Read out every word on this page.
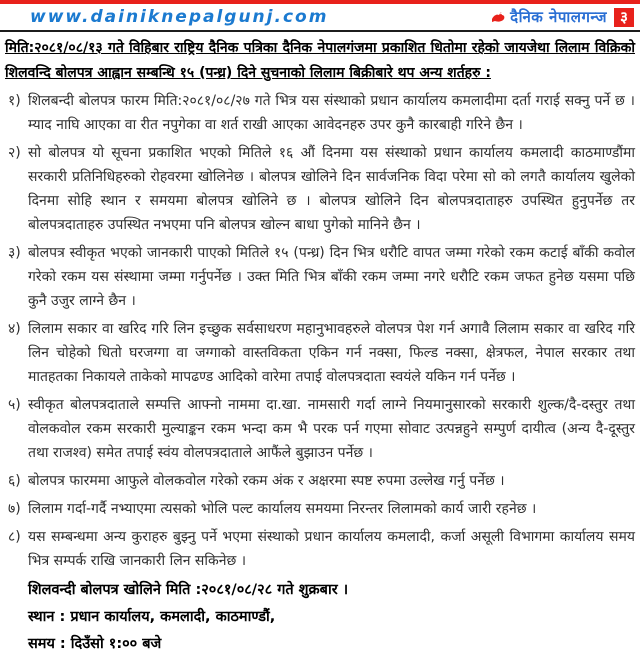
www.dainiknepalgunj.com	दैनिक नेपालगन्ज ३
मिति:२०८१/०८/१३ गते विहिबार राष्ट्रिय दैनिक पत्रिका दैनिक नेपालगंजमा प्रकाशित धितोमा रहेको जायजेथा लिलाम विक्रिको शिलवन्दि बोलपत्र आह्वान सम्बन्धि १५ (पन्ध्र) दिने सुचनाको लिलाम बिक्रीबारे थप अन्य शर्तहरु :
१) शिलबन्दी बोलपत्र फारम मिति:२०८१/०८/२७ गते भित्र यस संस्थाको प्रधान कार्यालय कमलादीमा दर्ता गराई सक्नु पर्ने छ । म्याद नाघि आएका वा रीत नपुगेका वा शर्त राखी आएका आवेदनहरु उपर कुनै कारबाही गरिने छैन ।
२) सो बोलपत्र यो सूचना प्रकाशित भएको मितिले १६ औं दिनमा यस संस्थाको प्रधान कार्यालय कमलादी काठमाण्डौंमा सरकारी प्रतिनिधिहरुको रोहवरमा खोलिनेछ । बोलपत्र खोलिने दिन सार्वजनिक विदा परेमा सो को लगतै कार्यालय खुलेको दिनमा सोहि स्थान र समयमा बोलपत्र खोलिने छ । बोलपत्र खोलिने दिन बोलपत्रदाताहरु उपस्थित हुनुपर्नेछ तर बोलपत्रदाताहरु उपस्थित नभएमा पनि बोलपत्र खोल्न बाधा पुगेको मानिने छैन ।
३) बोलपत्र स्वीकृत भएको जानकारी पाएको मितिले १५ (पन्ध्र) दिन भित्र धरौटि वापत जम्मा गरेको रकम कटाई बाँकी कवोल गरेको रकम यस संस्थामा जम्मा गर्नुपर्नेछ । उक्त मिति भित्र बाँकी रकम जम्मा नगरे धरौटि रकम जफत हुनेछ यसमा पछि कुनै उजुर लाग्ने छैन ।
४) लिलाम सकार वा खरिद गरि लिन इच्छुक सर्वसाधरण महानुभावहरुले वोलपत्र पेश गर्न अगावै लिलाम सकार वा खरिद गरि लिन चोहेको धितो घरजग्गा वा जग्गाको वास्तविकता एकिन गर्न नक्सा, फिल्ड नक्सा, क्षेत्रफल, नेपाल सरकार तथा मातहतका निकायले ताकेको मापढण्ड आदिको वारेमा तपाई वोलपत्रदाता स्वयंले यकिन गर्न पर्नेछ ।
५) स्वीकृत बोलपत्रदाताले सम्पत्ति आफ्नो नाममा दा.खा. नामसारी गर्दा लाग्ने नियमानुसारको सरकारी शुल्क/दै-दस्तुर तथा वोलकवोल रकम सरकारी मुल्याङ्कन रकम भन्दा कम भै परक पर्न गएमा सोवाट उत्पन्नहुने सम्पुर्ण दायीत्व (अन्य दै-दूस्तुर तथा राजश्व) समेत तपाई स्वंय वोलपत्रदाताले आफैंले बुझाउन पर्नेछ ।
६) बोलपत्र फारममा आफुले वोलकवोल गरेको रकम अंक र अक्षरमा स्पष्ट रुपमा उल्लेख गर्नु पर्नेछ ।
७) लिलाम गर्दा-गर्दै नभ्याएमा त्यसको भोलि पल्ट कार्यालय समयमा निरन्तर लिलामको कार्य जारी रहनेछ ।
८) यस सम्बन्धमा अन्य कुराहरु बुझ्नु पर्ने भएमा संस्थाको प्रधान कार्यालय कमलादी, कर्जा असूली विभागमा कार्यालय समय भित्र सम्पर्क राखि जानकारी लिन सकिनेछ ।
शिलवन्दी बोलपत्र खोलिने मिति :२०८१/०८/२८ गते शुक्रबार ।
स्थान : प्रधान कार्यालय, कमलादी, काठमाण्डौं,
समय : दिउँसो १:०० बजे
